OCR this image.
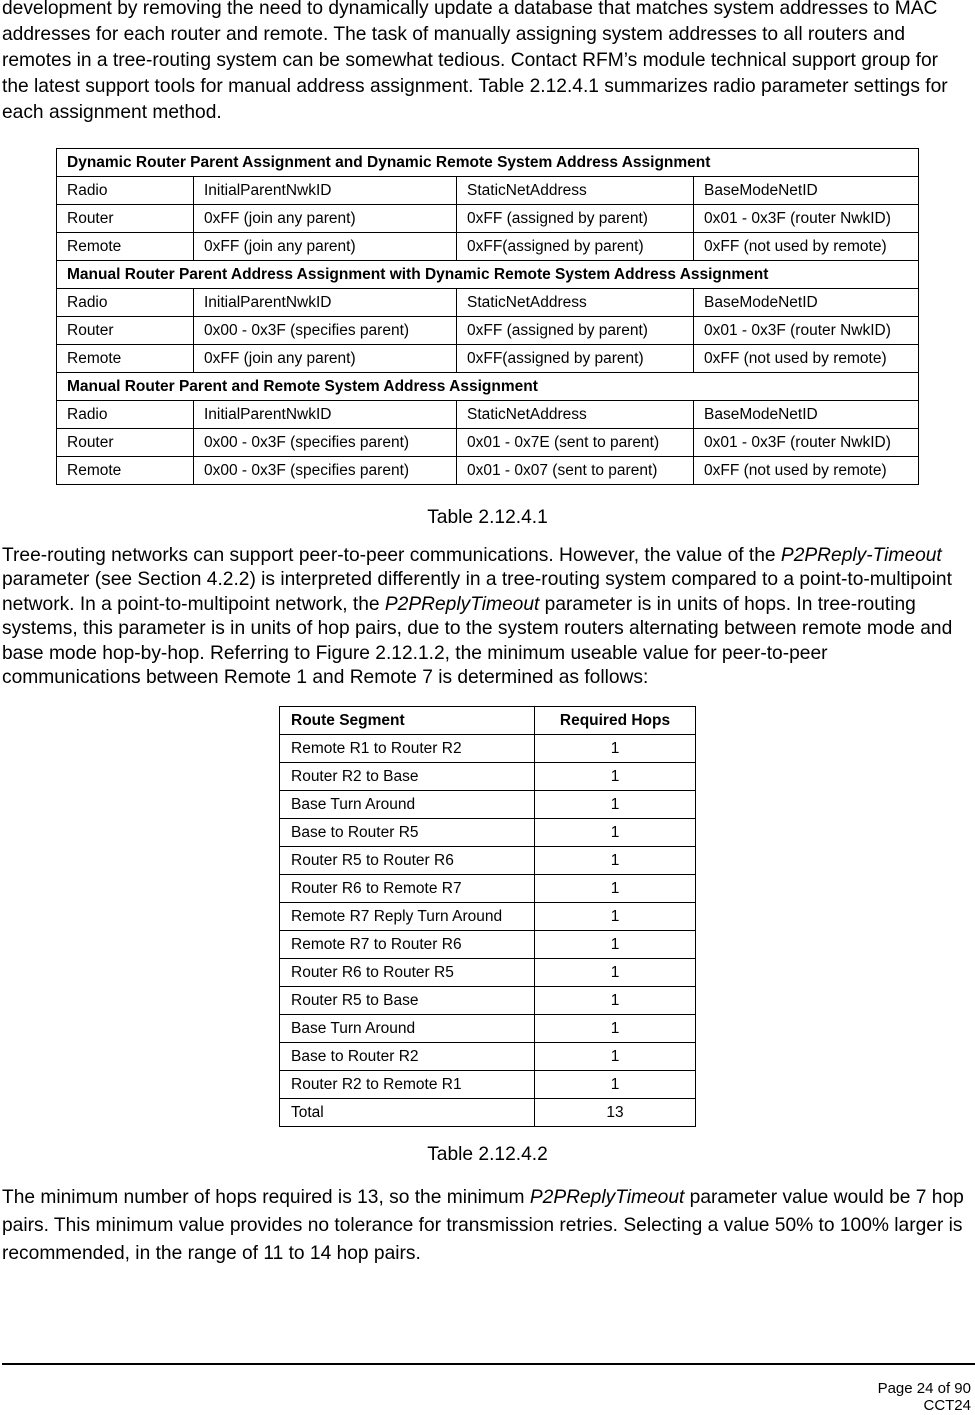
development by removing the need to dynamically update a database that matches system addresses to MAC addresses for each router and remote. The task of manually assigning system addresses to all routers and remotes in a tree-routing system can be somewhat tedious. Contact RFM’s module technical support group for the latest support tools for manual address assignment. Table 2.12.4.1 summarizes radio parameter settings for each assignment method.

Dynamic Router Parent Assignment and Dynamic Remote System Address Assignment			
Radio	InitialParentNwkID	StaticNetAddress	BaseModeNetID
Router	0xFF (join any parent)	0xFF (assigned by parent)	0x01 - 0x3F (router NwkID)
Remote	0xFF (join any parent)	0xFF(assigned by parent)	0xFF (not used by remote)
Manual Router Parent Address Assignment with Dynamic Remote System Address Assignment			
Radio	InitialParentNwkID	StaticNetAddress	BaseModeNetID
Router	0x00 - 0x3F (specifies parent)	0xFF (assigned by parent)	0x01 - 0x3F (router NwkID)
Remote	0xFF (join any parent)	0xFF(assigned by parent)	0xFF (not used by remote)
Manual Router Parent and Remote System Address Assignment			
Radio	InitialParentNwkID	StaticNetAddress	BaseModeNetID
Router	0x00 - 0x3F (specifies parent)	0x01 - 0x7E (sent to parent)	0x01 - 0x3F (router NwkID)
Remote	0x00 - 0x3F (specifies parent)	0x01 - 0x07 (sent to parent)	0xFF (not used by remote)
Table 2.12.4.1

Tree-routing networks can support peer-to-peer communications. However, the value of the P2PReply-Timeout parameter (see Section 4.2.2) is interpreted differently in a tree-routing system compared to a point-to-multipoint network. In a point-to-multipoint network, the P2PReplyTimeout parameter is in units of hops. In tree-routing systems, this parameter is in units of hop pairs, due to the system routers alternating between remote mode and base mode hop-by-hop. Referring to Figure 2.12.1.2, the minimum useable value for peer-to-peer communications between Remote 1 and Remote 7 is determined as follows:

Route Segment	Required Hops
Remote R1 to Router R2	1
Router R2 to Base	1
Base Turn Around	1
Base to Router R5	1
Router R5 to Router R6	1
Router R6 to Remote R7	1
Remote R7 Reply Turn Around	1
Remote R7 to Router R6	1
Router R6 to Router R5	1
Router R5 to Base	1
Base Turn Around	1
Base to Router R2	1
Router R2 to Remote R1	1
Total	13
Table 2.12.4.2

The minimum number of hops required is 13, so the minimum P2PReplyTimeout parameter value would be 7 hop pairs. This minimum value provides no tolerance for transmission retries. Selecting a value 50% to 100% larger is recommended, in the range of 11 to 14 hop pairs.

Page 24 of 90
CCT24
